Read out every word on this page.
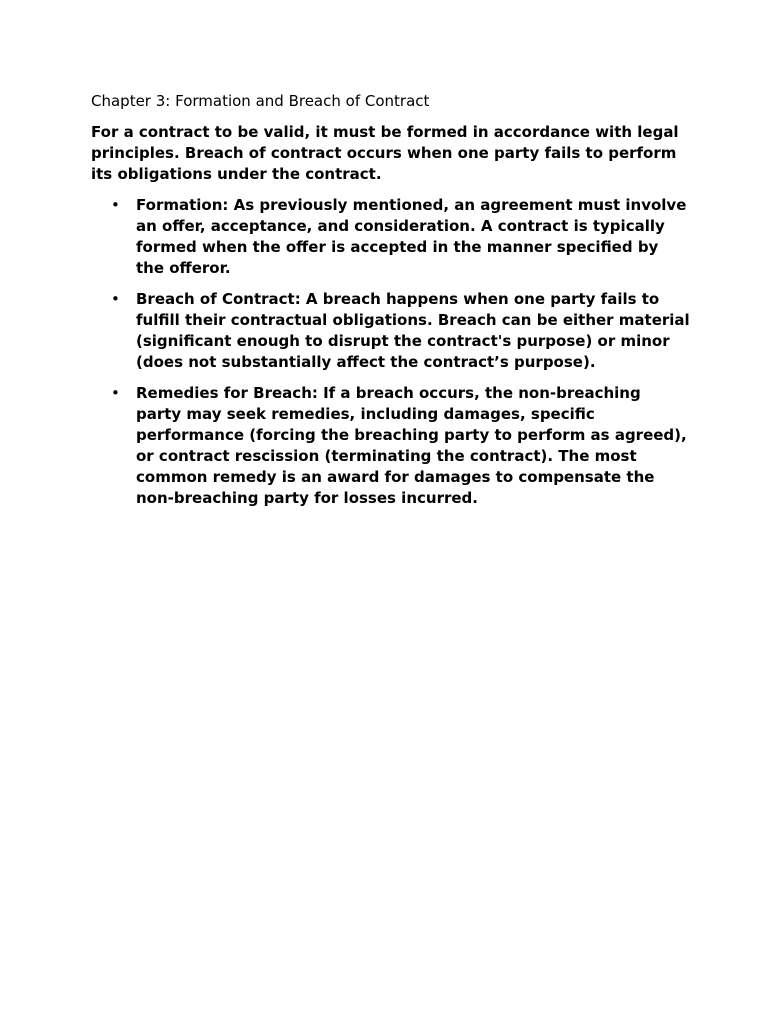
Chapter 3: Formation and Breach of Contract

For a contract to be valid, it must be formed in accordance with legal principles. Breach of contract occurs when one party fails to perform its obligations under the contract.

• Formation: As previously mentioned, an agreement must involve an offer, acceptance, and consideration. A contract is typically formed when the offer is accepted in the manner specified by the offeror.
• Breach of Contract: A breach happens when one party fails to fulfill their contractual obligations. Breach can be either material (significant enough to disrupt the contract's purpose) or minor (does not substantially affect the contract’s purpose).
• Remedies for Breach: If a breach occurs, the non-breaching party may seek remedies, including damages, specific performance (forcing the breaching party to perform as agreed), or contract rescission (terminating the contract). The most common remedy is an award for damages to compensate the non-breaching party for losses incurred.
